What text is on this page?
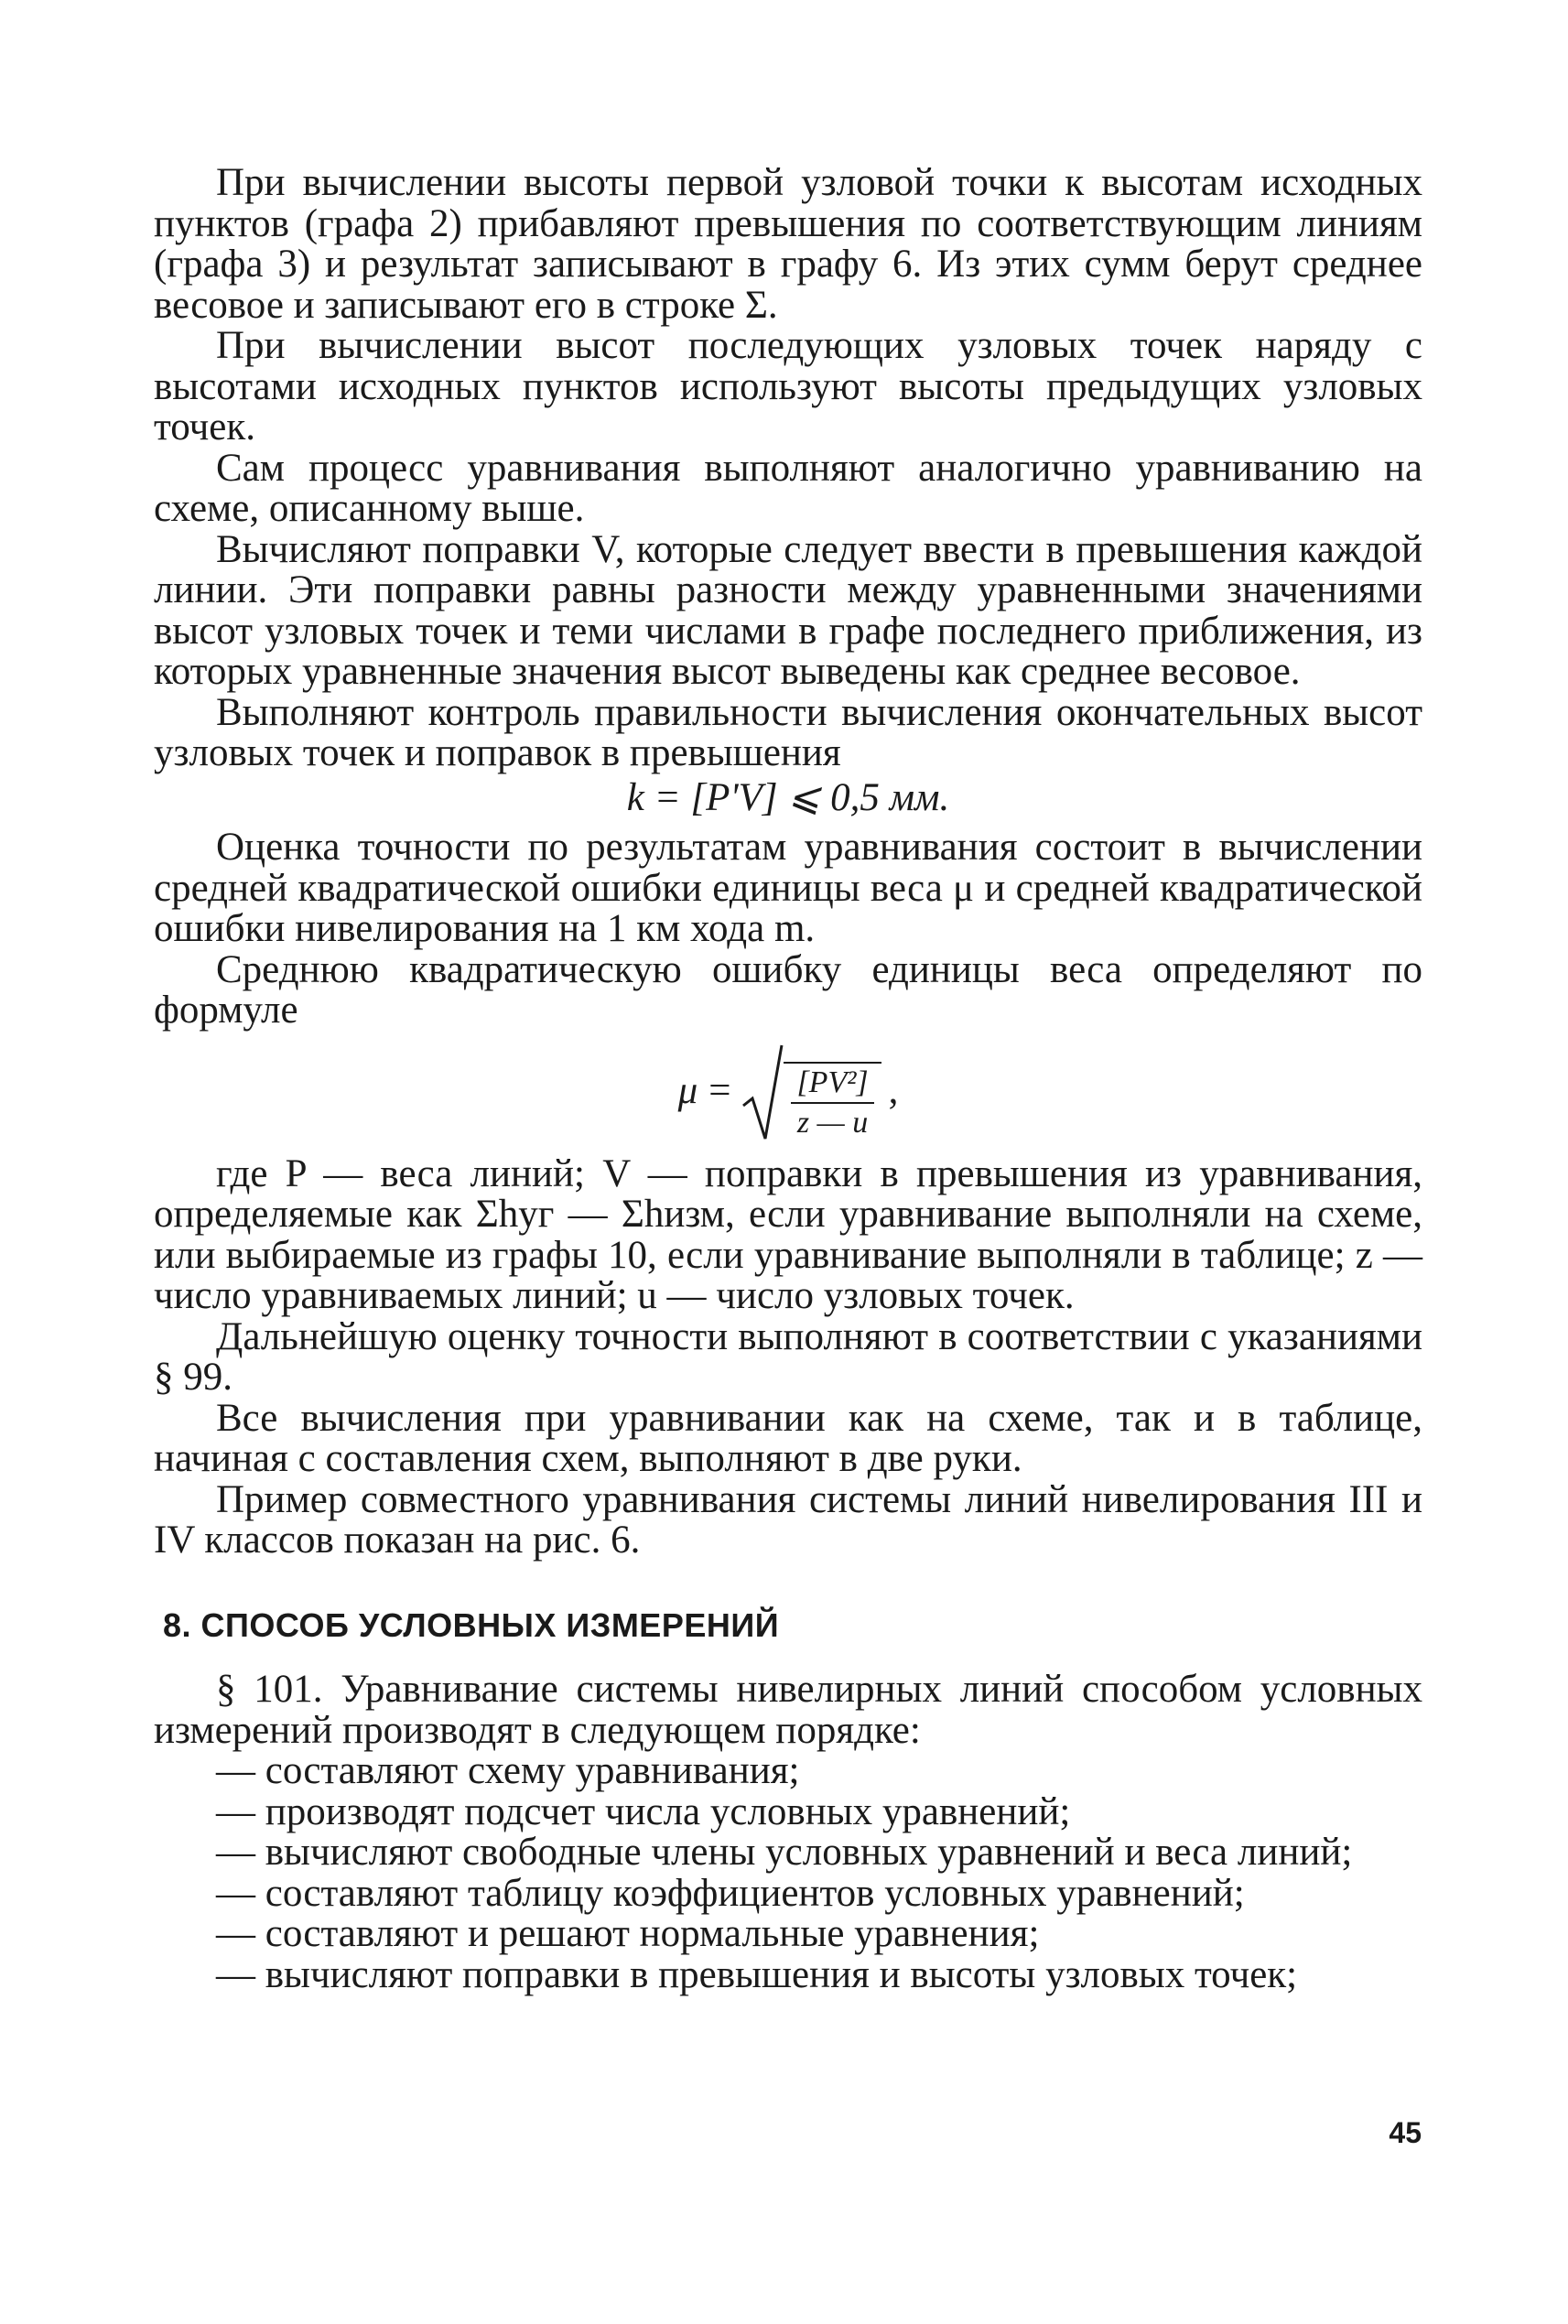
При вычислении высоты первой узловой точки к высотам исходных пунктов (графа 2) прибавляют превышения по соответствующим линиям (графа 3) и результат записывают в графу 6. Из этих сумм берут среднее весовое и записывают его в строке Σ.

При вычислении высот последующих узловых точек наряду с высотами исходных пунктов используют высоты предыдущих узловых точек.

Сам процесс уравнивания выполняют аналогично уравниванию на схеме, описанному выше.

Вычисляют поправки V, которые следует ввести в превышения каждой линии. Эти поправки равны разности между уравненными значениями высот узловых точек и теми числами в графе последнего приближения, из которых уравненные значения высот выведены как среднее весовое.

Выполняют контроль правильности вычисления окончательных высот узловых точек и поправок в превышения

k = [P'V] ⩽ 0,5 мм.

Оценка точности по результатам уравнивания состоит в вычислении средней квадратической ошибки единицы веса μ и средней квадратической ошибки нивелирования на 1 км хода m.

Среднюю квадратическую ошибку единицы веса определяют по формуле

$\mu = \frac{\text{[PV²]}}{z — u}$ ,

где P — веса линий; V — поправки в превышения из уравнивания, определяемые как Σhуг — Σhизм, если уравнивание выполняли на схеме, или выбираемые из графы 10, если уравнивание выполняли в таблице; z — число уравниваемых линий; u — число узловых точек.

Дальнейшую оценку точности выполняют в соответствии с указаниями § 99.

Все вычисления при уравнивании как на схеме, так и в таблице, начиная с составления схем, выполняют в две руки.

Пример совместного уравнивания системы линий нивелирования III и IV классов показан на рис. 6.

8. СПОСОБ УСЛОВНЫХ ИЗМЕРЕНИЙ

§ 101. Уравнивание системы нивелирных линий способом условных измерений производят в следующем порядке:

— составляют схему уравнивания;

— производят подсчет числа условных уравнений;

— вычисляют свободные члены условных уравнений и веса линий;

— составляют таблицу коэффициентов условных уравнений;

— составляют и решают нормальные уравнения;

— вычисляют поправки в превышения и высоты узловых точек;

45
